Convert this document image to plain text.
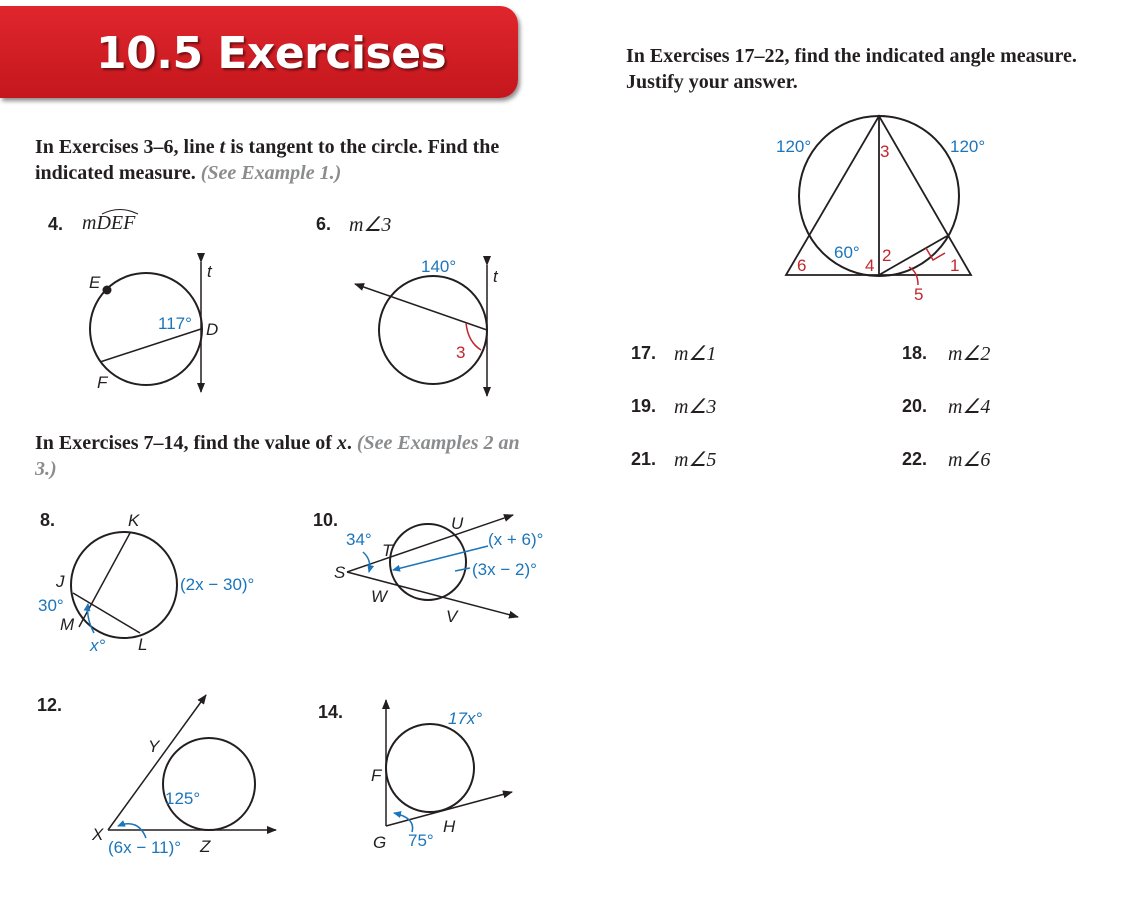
10.5 Exercises
In Exercises 3–6, line t is tangent to the circle. Find the
indicated measure. (See Example 1.)
In Exercises 7–14, find the value of x. (See Examples 2 an
3.)
In Exercises 17–22, find the indicated angle measure.
Justify your answer.
4. mDEF	6. m∠3
8.	10.
12.	14.
17. m∠1	18. m∠2
19. m∠3	20. m∠4
21. m∠5	22. m∠6
E
F
D
t
117°
3
140°
t
K
J
M
L
(2x − 30)°
30°
x°
34°
T
U
S
W
V
(x + 6)°
(3x − 2)°
Y
X
125°
(6x − 11)° Z
17x°
F
G
H
75°
3
2
4	1
5
6
120°	120°
60°
